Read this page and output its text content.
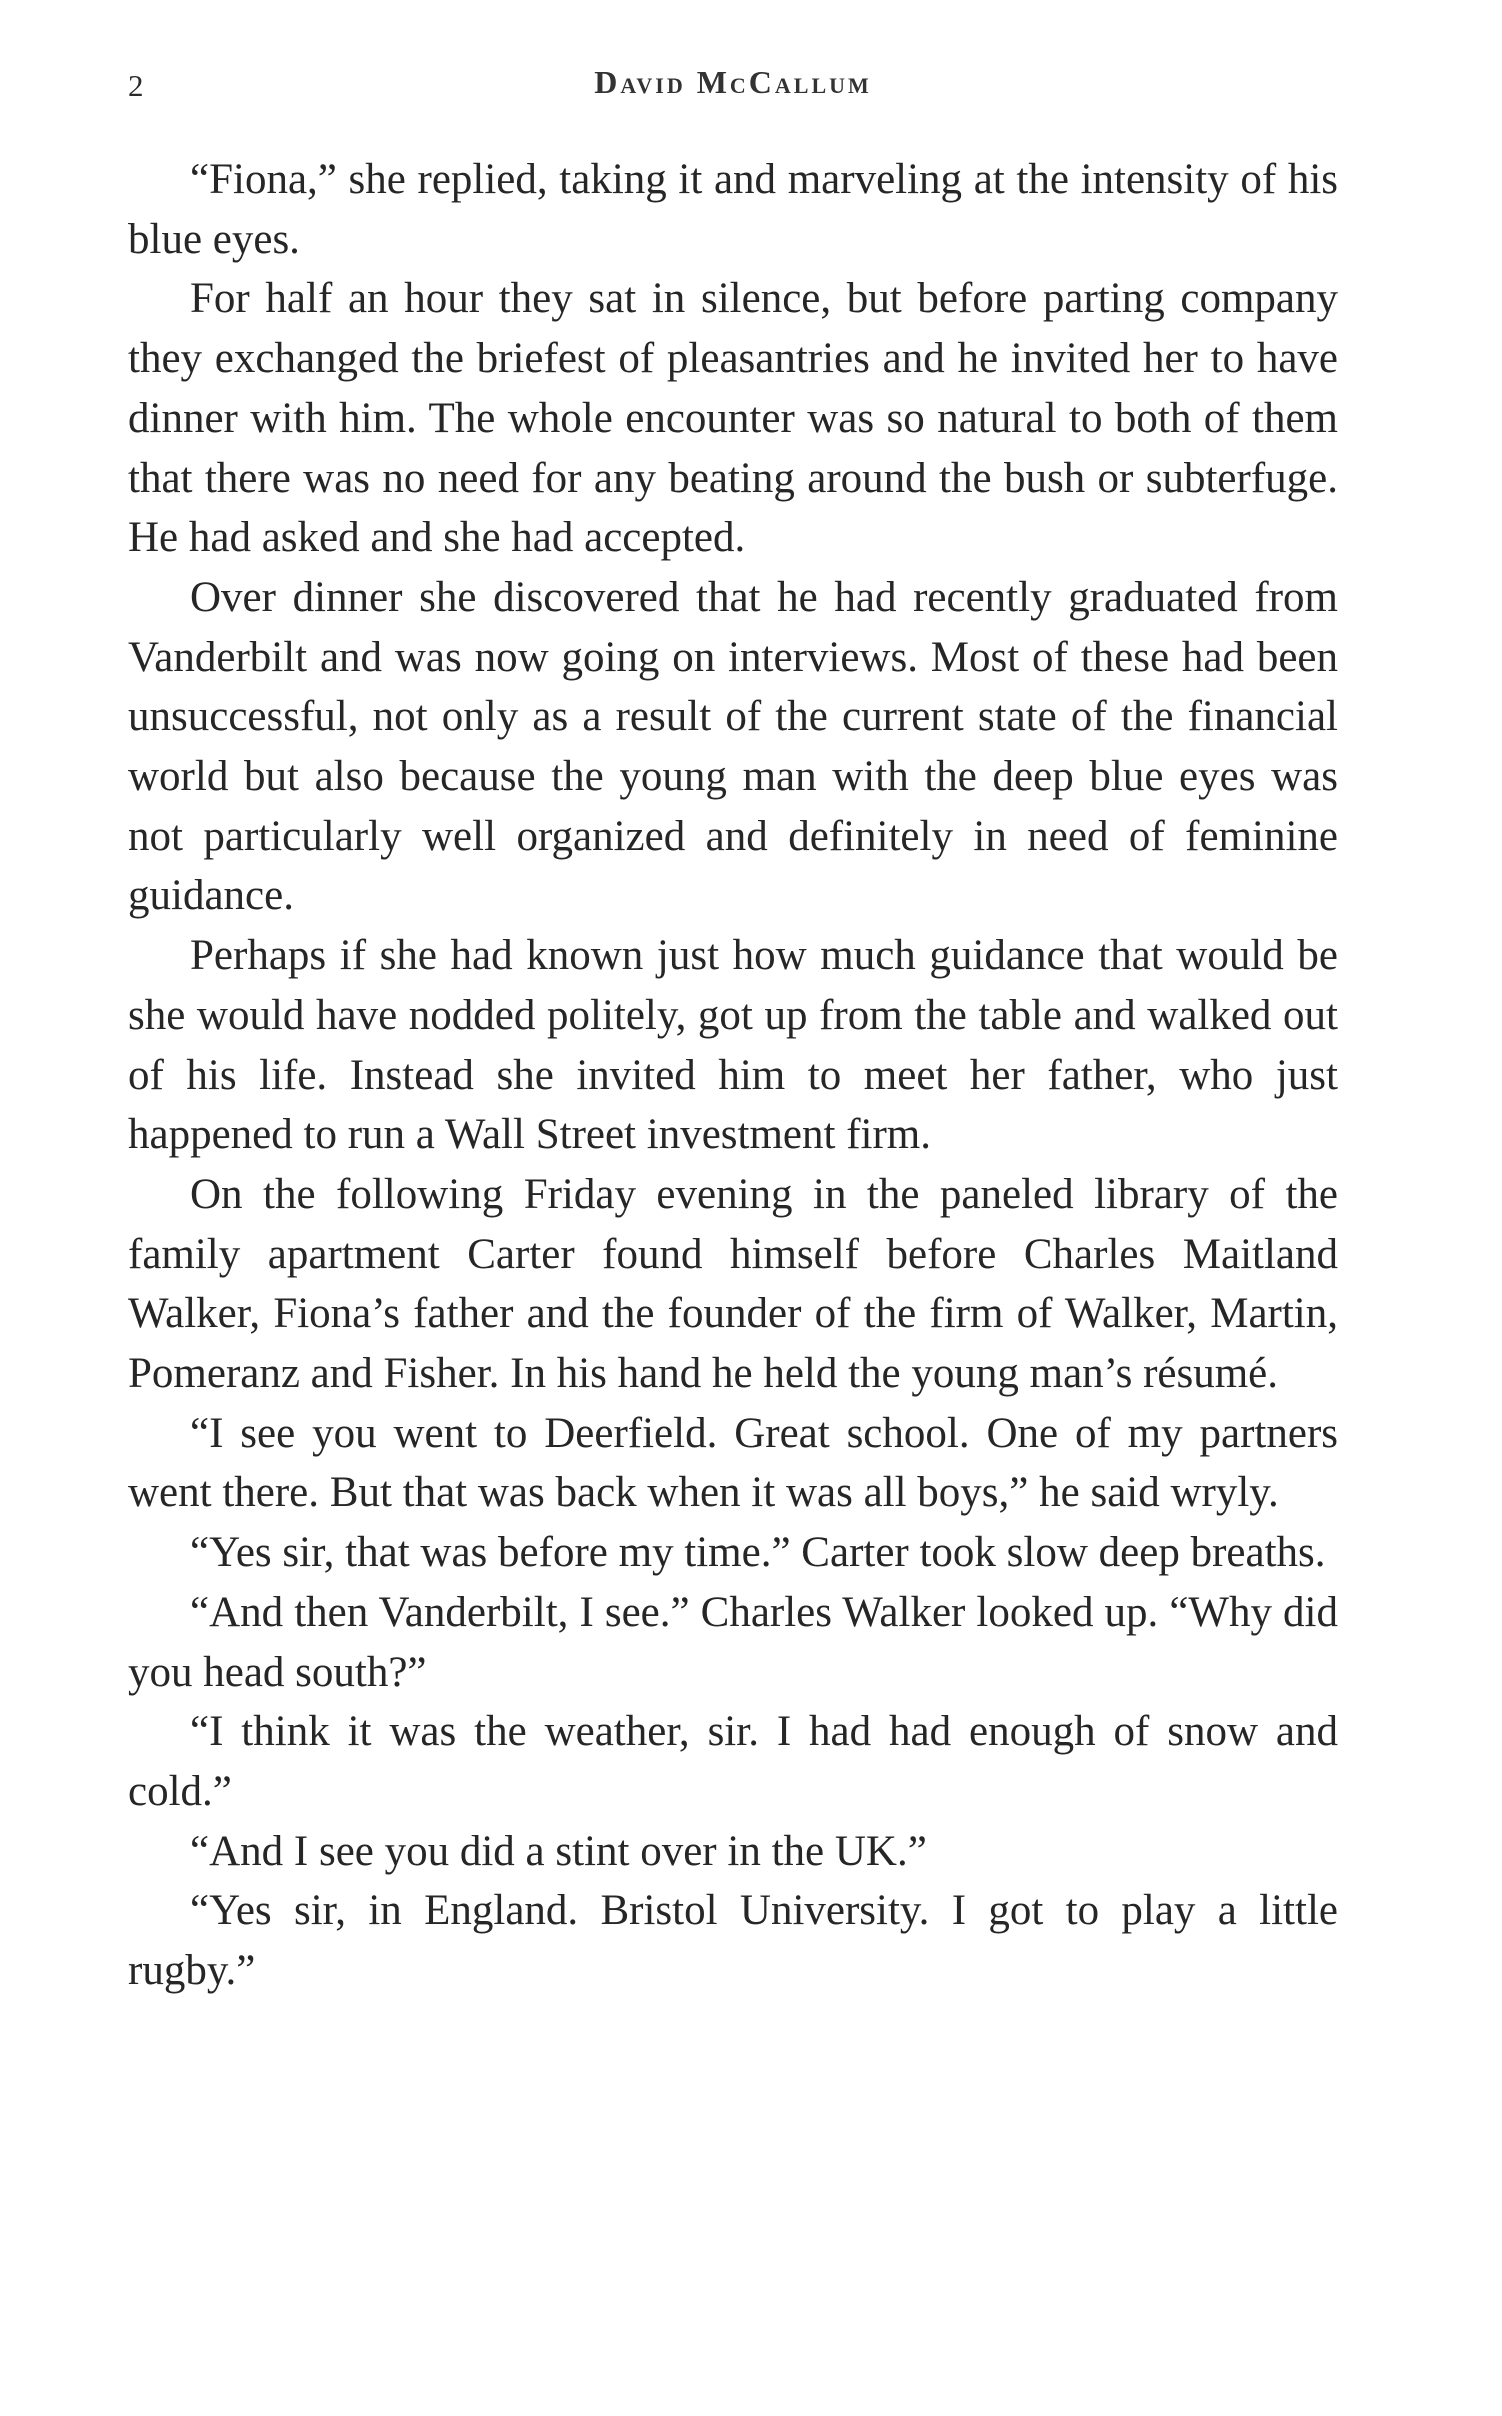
2	David McCallum

“Fiona,” she replied, taking it and marveling at the intensity of his blue eyes.

For half an hour they sat in silence, but before parting company they exchanged the briefest of pleasantries and he invited her to have dinner with him. The whole encounter was so natural to both of them that there was no need for any beating around the bush or subterfuge. He had asked and she had accepted.

Over dinner she discovered that he had recently graduated from Vanderbilt and was now going on interviews. Most of these had been unsuccessful, not only as a result of the current state of the financial world but also because the young man with the deep blue eyes was not particularly well organized and definitely in need of feminine guidance.

Perhaps if she had known just how much guidance that would be she would have nodded politely, got up from the table and walked out of his life. Instead she invited him to meet her father, who just happened to run a Wall Street investment firm.

On the following Friday evening in the paneled library of the family apartment Carter found himself before Charles Maitland Walker, Fiona’s father and the founder of the firm of Walker, Martin, Pomeranz and Fisher. In his hand he held the young man’s résumé.

“I see you went to Deerfield. Great school. One of my partners went there. But that was back when it was all boys,” he said wryly.

“Yes sir, that was before my time.” Carter took slow deep breaths.

“And then Vanderbilt, I see.” Charles Walker looked up. “Why did you head south?”

“I think it was the weather, sir. I had had enough of snow and cold.”

“And I see you did a stint over in the UK.”

“Yes sir, in England. Bristol University. I got to play a little rugby.”
